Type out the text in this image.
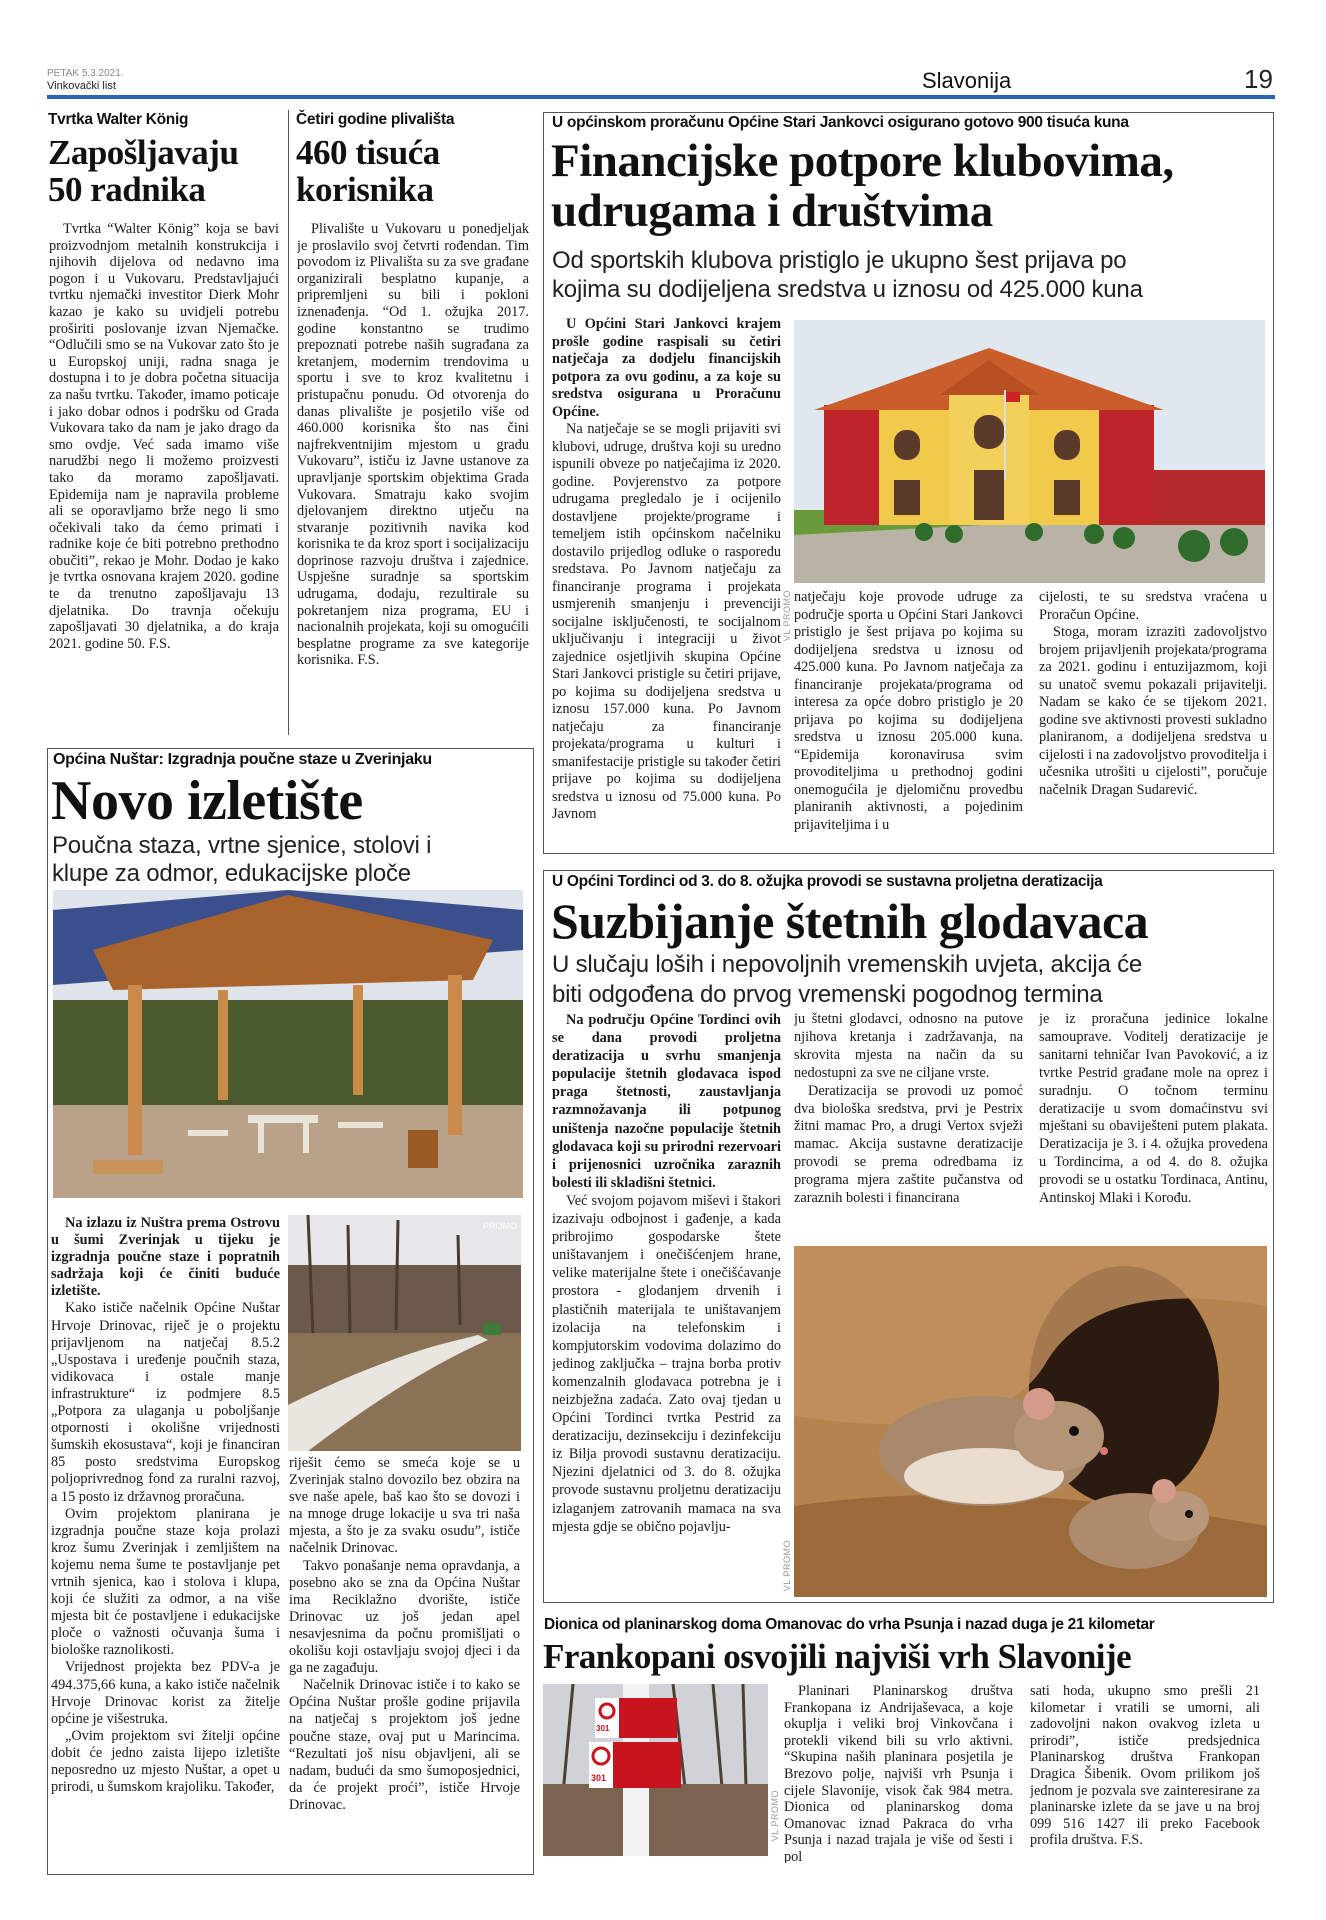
PETAK 5.3.2021.
Vinkovački list	Slavonija	19
Tvrtka Walter König
Zapošljavaju
50 radnika

Tvrtka “Walter König” koja se bavi proizvodnjom metalnih konstrukcija i njihovih dijelova od nedavno ima pogon i u Vukovaru. Predstavljajući tvrtku njemački investitor Dierk Mohr kazao je kako su uvidjeli potrebu proširiti poslovanje izvan Njemačke. “Odlučili smo se na Vukovar zato što je u Europskoj uniji, radna snaga je dostupna i to je dobra početna situacija za našu tvrtku. Također, imamo poticaje i jako dobar odnos i podršku od Grada Vukovara tako da nam je jako drago da smo ovdje. Već sada imamo više narudžbi nego li možemo proizvesti tako da moramo zapošljavati. Epidemija nam je napravila probleme ali se oporavljamo brže nego li smo očekivali tako da ćemo primati i radnike koje će biti potrebno prethodno obučiti”, rekao je Mohr. Dodao je kako je tvrtka osnovana krajem 2020. godine te da trenutno zapošljavaju 13 djelatnika. Do travnja očekuju zapošljavati 30 djelatnika, a do kraja 2021. godine 50. F.S.

Četiri godine plivališta
460 tisuća
korisnika

Plivalište u Vukovaru u ponedjeljak je proslavilo svoj četvrti rođendan. Tim povodom iz Plivališta su za sve građane organizirali besplatno kupanje, a pripremljeni su bili i pokloni iznenađenja. “Od 1. ožujka 2017. godine konstantno se trudimo prepoznati potrebe naših sugrađana za kretanjem, modernim trendovima u sportu i sve to kroz kvalitetnu i pristupačnu ponudu. Od otvorenja do danas plivalište je posjetilo više od 460.000 korisnika što nas čini najfrekventnijim mjestom u gradu Vukovaru”, ističu iz Javne ustanove za upravljanje sportskim objektima Grada Vukovara. Smatraju kako svojim djelovanjem direktno utječu na stvaranje pozitivnih navika kod korisnika te da kroz sport i socijalizaciju doprinose razvoju društva i zajednice. Uspješne suradnje sa sportskim udrugama, dodaju, rezultirale su pokretanjem niza programa, EU i nacionalnih projekata, koji su omogućili besplatne programe za sve kategorije korisnika. F.S.

U općinskom proračunu Općine Stari Jankovci osigurano gotovo 900 tisuća kuna
Financijske potpore klubovima,
udrugama i društvima
Od sportskih klubova pristiglo je ukupno šest prijava po
kojima su dodijeljena sredstva u iznosu od 425.000 kuna

U Općini Stari Jankovci krajem prošle godine raspisali su četiri natječaja za dodjelu financijskih potpora za ovu godinu, a za koje su sredstva osigurana u Proračunu Općine.

Na natječaje se se mogli prijaviti svi klubovi, udruge, društva koji su uredno ispunili obveze po natječajima iz 2020. godine. Povjerenstvo za potpore udrugama pregledalo je i ocijenilo dostavljene projekte/programe i temeljem istih općinskom načelniku dostavilo prijedlog odluke o rasporedu sredstava. Po Javnom natječaju za financiranje programa i projekata usmjerenih smanjenju i prevenciji socijalne isključenosti, te socijalnom uključivanju i integraciji u život zajednice osjetljivih skupina Općine Stari Jankovci pristigle su četiri prijave, po kojima su dodijeljena sredstva u iznosu 157.000 kuna. Po Javnom natječaju za financiranje projekata/programa u kulturi i smanifestacije pristigle su također četiri prijave po kojima su dodijeljena sredstva u iznosu od 75.000 kuna. Po Javnom

VL PROMO natječaju koje provode udruge za područje sporta u Općini Stari Jankovci pristiglo je šest prijava po kojima su dodijeljena sredstva u iznosu od 425.000 kuna. Po Javnom natječaja za financiranje projekata/programa od interesa za opće dobro pristiglo je 20 prijava po kojima su dodijeljena sredstva u iznosu 205.000 kuna. “Epidemija koronavirusa svim provoditeljima u prethodnoj godini onemogućila je djelomičnu provedbu planiranih aktivnosti, a pojedinim prijaviteljima i u

cijelosti, te su sredstva vraćena u Proračun Općine.

Stoga, moram izraziti zadovoljstvo brojem prijavljenih projekata/programa za 2021. godinu i entuzijazmom, koji su unatoč svemu pokazali prijavitelji. Nadam se kako će se tijekom 2021. godine sve aktivnosti provesti sukladno planiranom, a dodijeljena sredstva u cijelosti i na zadovoljstvo provoditelja i učesnika utrošiti u cijelosti”, poručuje načelnik Dragan Sudarević.

Općina Nuštar: Izgradnja poučne staze u Zverinjaku
Novo izletište
Poučna staza, vrtne sjenice, stolovi i
klupe za odmor, edukacijske ploče

Na izlazu iz Nuštra prema Ostrovu u šumi Zverinjak u tijeku je izgradnja poučne staze i popratnih sadržaja koji će činiti buduće izletište.

Kako ističe načelnik Općine Nuštar Hrvoje Drinovac, riječ je o projektu prijavljenom na natječaj 8.5.2 „Uspostava i uređenje poučnih staza, vidikovaca i ostale manje infrastrukture“ iz podmjere 8.5 „Potpora za ulaganja u poboljšanje otpornosti i okolišne vrijednosti šumskih ekosustava“, koji je financiran 85 posto sredstvima Europskog poljoprivrednog fond za ruralni razvoj, a 15 posto iz državnog proračuna.

Ovim projektom planirana je izgradnja poučne staze koja prolazi kroz šumu Zverinjak i zemljištem na kojemu nema šume te postavljanje pet vrtnih sjenica, kao i stolova i klupa, koji će služiti za odmor, a na više mjesta bit će postavljene i edukacijske ploče o važnosti očuvanja šuma i biološke raznolikosti.

Vrijednost projekta bez PDV-a je 494.375,66 kuna, a kako ističe načelnik Hrvoje Drinovac korist za žitelje općine je višestruka.

„Ovim projektom svi žitelji općine dobit će jedno zaista lijepo izletište neposredno uz mjesto Nuštar, a opet u prirodi, u šumskom krajoliku. Također,

PROMO

riješit ćemo se smeća koje se u Zverinjak stalno dovozilo bez obzira na sve naše apele, baš kao što se dovozi i na mnoge druge lokacije u sva tri naša mjesta, a što je za svaku osudu”, ističe načelnik Drinovac.

Takvo ponašanje nema opravdanja, a posebno ako se zna da Općina Nuštar ima Reciklažno dvorište, ističe Drinovac uz još jedan apel nesavjesnima da počnu promišljati o okolišu koji ostavljaju svojoj djeci i da ga ne zagađuju.

Načelnik Drinovac ističe i to kako se Općina Nuštar prošle godine prijavila na natječaj s projektom još jedne poučne staze, ovaj put u Marincima. “Rezultati još nisu objavljeni, ali se nadam, budući da smo šumoposjednici, da će projekt proći”, ističe Hrvoje Drinovac.

U Općini Tordinci od 3. do 8. ožujka provodi se sustavna proljetna deratizacija
Suzbijanje štetnih glodavaca
U slučaju loših i nepovoljnih vremenskih uvjeta, akcija će
biti odgođena do prvog vremenski pogodnog termina

Na području Općine Tordinci ovih se dana provodi proljetna deratizacija u svrhu smanjenja populacije štetnih glodavaca ispod praga štetnosti, zaustavljanja razmnožavanja ili potpunog uništenja nazočne populacije štetnih glodavaca koji su prirodni rezervoari i prijenosnici uzročnika zaraznih bolesti ili skladišni štetnici.

Već svojom pojavom miševi i štakori izazivaju odbojnost i gađenje, a kada pribrojimo gospodarske štete uništavanjem i onečišćenjem hrane, velike materijalne štete i onečišćavanje prostora - glodanjem drvenih i plastičnih materijala te uništavanjem izolacija na telefonskim i kompjutorskim vodovima dolazimo do jedinog zaključka – trajna borba protiv komenzalnih glodavaca potrebna je i neizbježna zadaća. Zato ovaj tjedan u Općini Tordinci tvrtka Pestrid za deratizaciju, dezinsekciju i dezinfekciju iz Bilja provodi sustavnu deratizaciju. Njezini djelatnici od 3. do 8. ožujka provode sustavnu proljetnu deratizaciju izlaganjem zatrovanih mamaca na sva mjesta gdje se obično pojavlju-

ju štetni glodavci, odnosno na putove njihova kretanja i zadržavanja, na skrovita mjesta na način da su nedostupni za sve ne ciljane vrste.

Deratizacija se provodi uz pomoć dva biološka sredstva, prvi je Pestrix žitni mamac Pro, a drugi Vertox svježi mamac. Akcija sustavne deratizacije provodi se prema odredbama iz programa mjera zaštite pučanstva od zaraznih bolesti i financirana

je iz proračuna jedinice lokalne samouprave. Voditelj deratizacije je sanitarni tehničar Ivan Pavoković, a iz tvrtke Pestrid građane mole na oprez i suradnju. O točnom terminu deratizacije u svom domaćinstvu svi mještani su obaviješteni putem plakata. Deratizacija je 3. i 4. ožujka provedena u Tordincima, a od 4. do 8. ožujka provodi se u ostatku Tordinaca, Antinu, Antinskoj Mlaki i Korođu.

VL PROMO
Dionica od planinarskog doma Omanovac do vrha Psunja i nazad duga je 21 kilometar
Frankopani osvojili najviši vrh Slavonije
301
301
VL PROMO

Planinari Planinarskog društva Frankopana iz Andrijaševaca, a koje okuplja i veliki broj Vinkovčana i protekli vikend bili su vrlo aktivni. “Skupina naših planinara posjetila je Brezovo polje, najviši vrh Psunja i cijele Slavonije, visok čak 984 metra. Dionica od planinarskog doma Omanovac iznad Pakraca do vrha Psunja i nazad trajala je više od šesti i pol

sati hoda, ukupno smo prešli 21 kilometar i vratili se umorni, ali zadovoljni nakon ovakvog izleta u prirodi”, ističe predsjednica Planinarskog društva Frankopan Dragica Šibenik. Ovom prilikom još jednom je pozvala sve zainteresirane za planinarske izlete da se jave u na broj 099 516 1427 ili preko Facebook profila društva. F.S.
